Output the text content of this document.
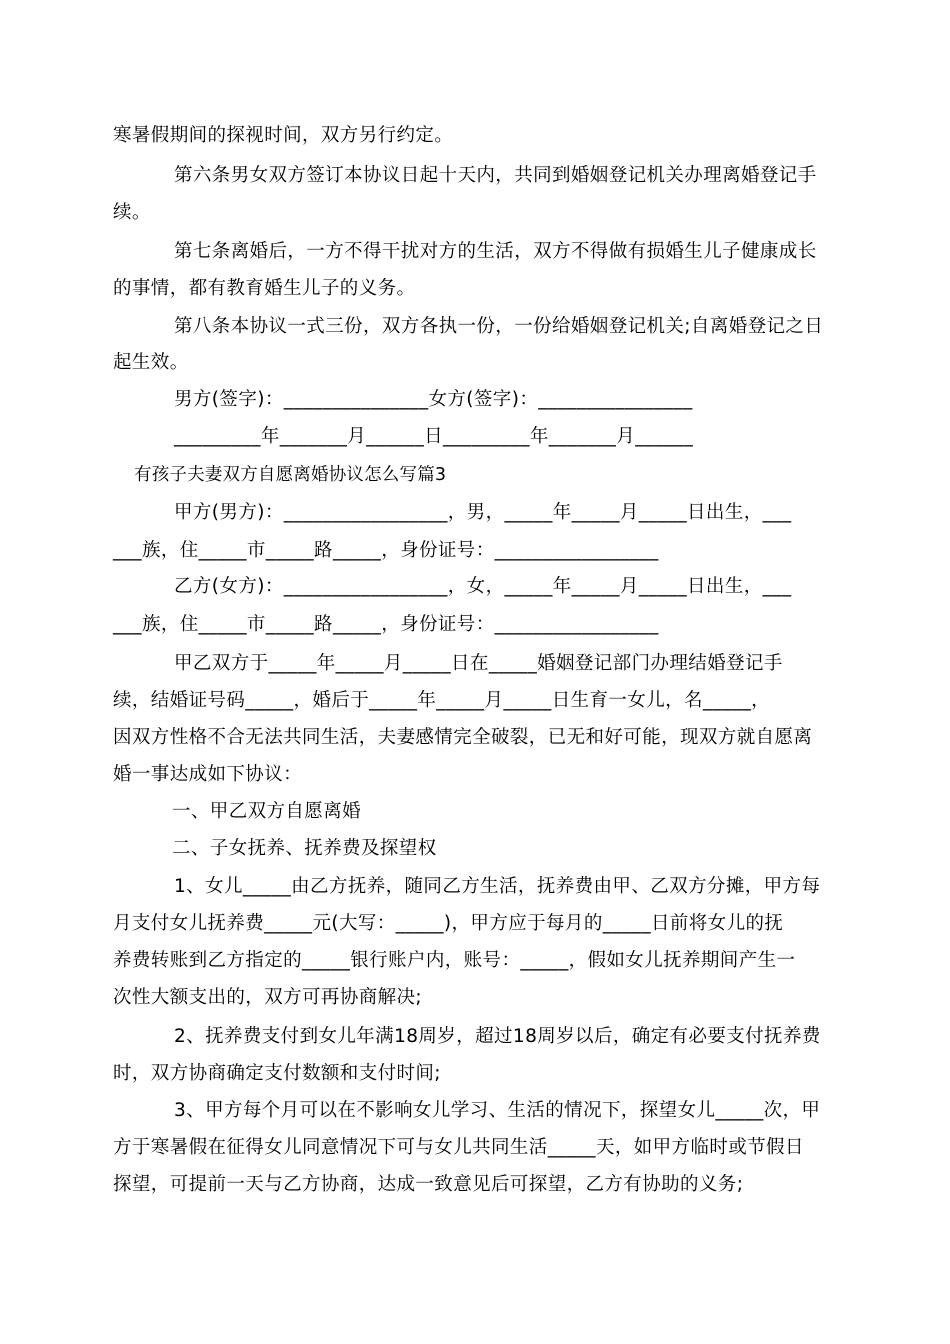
寒暑假期间的探视时间，双方另行约定。
第六条男女双方签订本协议日起十天内，共同到婚姻登记机关办理离婚登记手
续。
第七条离婚后，一方不得干扰对方的生活，双方不得做有损婚生儿子健康成长
的事情，都有教育婚生儿子的义务。
第八条本协议一式三份，双方各执一份，一份给婚姻登记机关;自离婚登记之日
起生效。
男方(签字)：_______________女方(签字)：________________
_________年_______月______日_________年_______月______
有孩子夫妻双方自愿离婚协议怎么写篇3
甲方(男方)：_________________，男，_____年_____月_____日出生，___
___族，住_____市_____路_____，身份证号：_________________
乙方(女方)：_________________，女，_____年_____月_____日出生，___
___族，住_____市_____路_____，身份证号：_________________
甲乙双方于_____年_____月_____日在_____婚姻登记部门办理结婚登记手
续，结婚证号码_____，婚后于_____年_____月_____日生育一女儿，名_____，
因双方性格不合无法共同生活，夫妻感情完全破裂，已无和好可能，现双方就自愿离
婚一事达成如下协议：
一、甲乙双方自愿离婚
二、子女抚养、抚养费及探望权
1、女儿_____由乙方抚养，随同乙方生活，抚养费由甲、乙双方分摊，甲方每
月支付女儿抚养费_____元(大写：_____)，甲方应于每月的_____日前将女儿的抚
养费转账到乙方指定的_____银行账户内，账号：_____，假如女儿抚养期间产生一
次性大额支出的，双方可再协商解决;
2、抚养费支付到女儿年满18周岁，超过18周岁以后，确定有必要支付抚养费
时，双方协商确定支付数额和支付时间;
3、甲方每个月可以在不影响女儿学习、生活的情况下，探望女儿_____次，甲
方于寒暑假在征得女儿同意情况下可与女儿共同生活_____天，如甲方临时或节假日
探望，可提前一天与乙方协商，达成一致意见后可探望，乙方有协助的义务;
